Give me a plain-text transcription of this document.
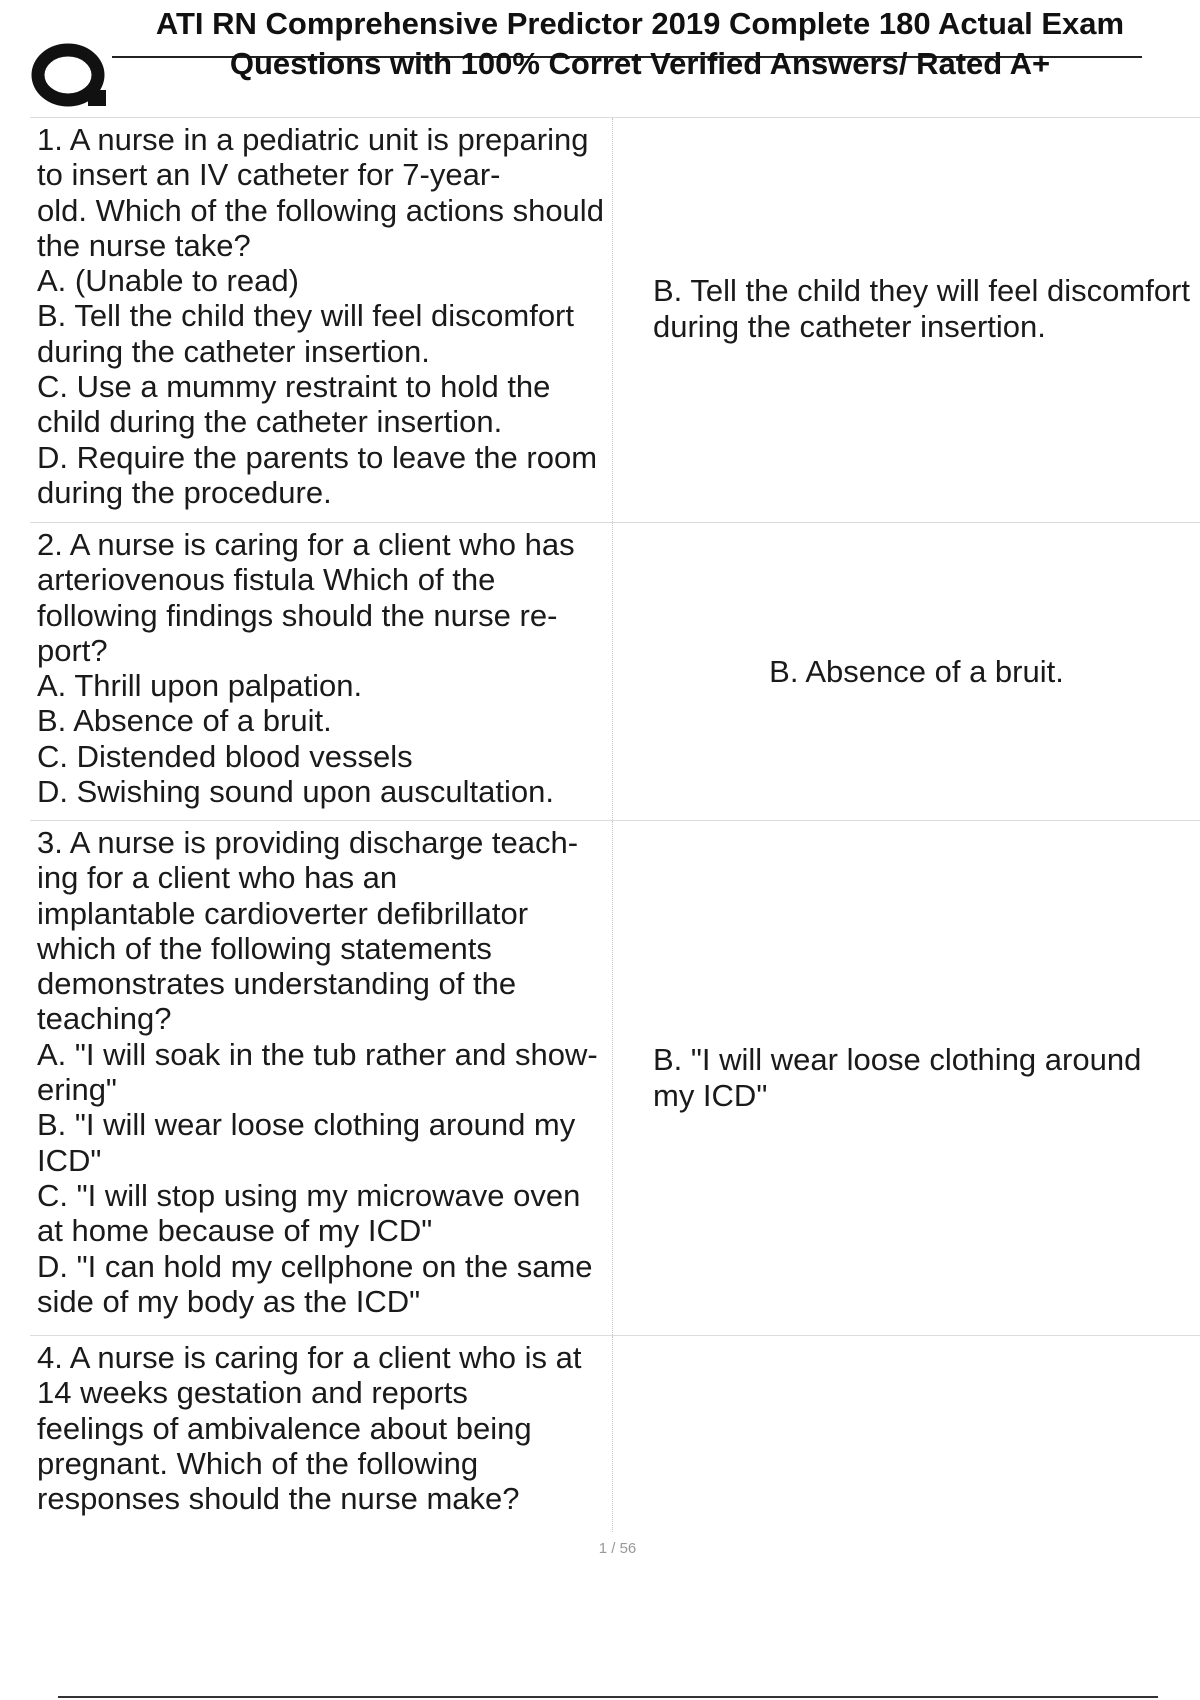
ATI RN Comprehensive Predictor 2019 Complete 180 Actual Exam
Questions with 100% Corret Verified Answers/ Rated A+
1. A nurse in a pediatric unit is preparing
to insert an IV catheter for 7-year-
old. Which of the following actions should
the nurse take?
A. (Unable to read)
B. Tell the child they will feel discomfort
during the catheter insertion.
C. Use a mummy restraint to hold the
child during the catheter insertion.
D. Require the parents to leave the room
during the procedure.
B. Tell the child they will feel discomfort during the catheter insertion.
2. A nurse is caring for a client who has
arteriovenous fistula Which of the
following findings should the nurse re-
port?
A. Thrill upon palpation.
B. Absence of a bruit.
C. Distended blood vessels
D. Swishing sound upon auscultation.
B. Absence of a bruit.
3. A nurse is providing discharge teach-
ing for a client who has an
implantable cardioverter defibrillator
which of the following statements
demonstrates understanding of the
teaching?
A. "I will soak in the tub rather and show-
ering"
B. "I will wear loose clothing around my
ICD"
C. "I will stop using my microwave oven
at home because of my ICD"
D. "I can hold my cellphone on the same
side of my body as the ICD"
B. "I will wear loose clothing around my ICD"
4. A nurse is caring for a client who is at
14 weeks gestation and reports
feelings of ambivalence about being
pregnant. Which of the following
responses should the nurse make?
1 / 56
